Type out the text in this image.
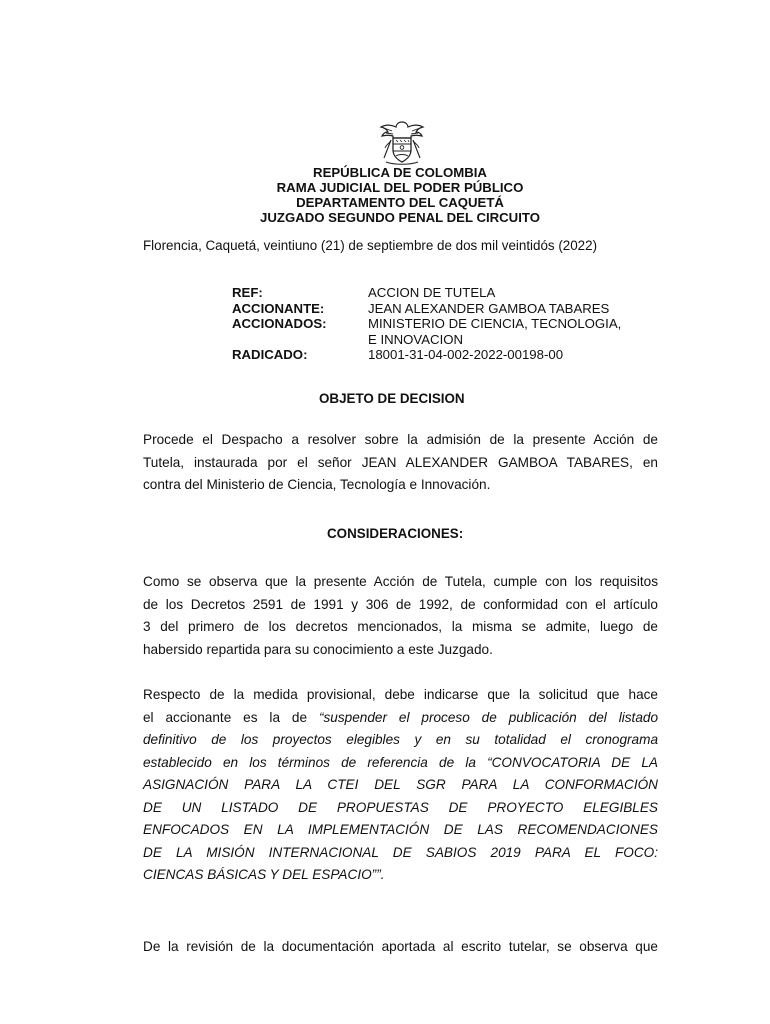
REPÚBLICA DE COLOMBIA
RAMA JUDICIAL DEL PODER PÚBLICO
DEPARTAMENTO DEL CAQUETÁ
JUZGADO SEGUNDO PENAL DEL CIRCUITO
Florencia, Caquetá, veintiuno (21) de septiembre de dos mil veintidós (2022)
REF:	ACCION DE TUTELA
ACCIONANTE:	JEAN ALEXANDER GAMBOA TABARES
ACCIONADOS:	MINISTERIO DE CIENCIA, TECNOLOGIA,
E INNOVACION
RADICADO:	18001-31-04-002-2022-00198-00
OBJETO DE DECISION
Procede el Despacho a resolver sobre la admisión de la presente Acción de
Tutela, instaurada por el señor JEAN ALEXANDER GAMBOA TABARES, en
contra del Ministerio de Ciencia, Tecnología e Innovación.
CONSIDERACIONES:
Como se observa que la presente Acción de Tutela, cumple con los requisitos
de los Decretos 2591 de 1991 y 306 de 1992, de conformidad con el artículo
3 del primero de los decretos mencionados, la misma se admite, luego de
habersido repartida para su conocimiento a este Juzgado.
Respecto de la medida provisional, debe indicarse que la solicitud que hace
el accionante es la de “suspender el proceso de publicación del listado
definitivo de los proyectos elegibles y en su totalidad el cronograma
establecido en los términos de referencia de la “CONVOCATORIA DE LA
ASIGNACIÓN PARA LA CTEI DEL SGR PARA LA CONFORMACIÓN
DE UN LISTADO DE PROPUESTAS DE PROYECTO ELEGIBLES
ENFOCADOS EN LA IMPLEMENTACIÓN DE LAS RECOMENDACIONES
DE LA MISIÓN INTERNACIONAL DE SABIOS 2019 PARA EL FOCO:
CIENCAS BÁSICAS Y DEL ESPACIO””.
De la revisión de la documentación aportada al escrito tutelar, se observa que
